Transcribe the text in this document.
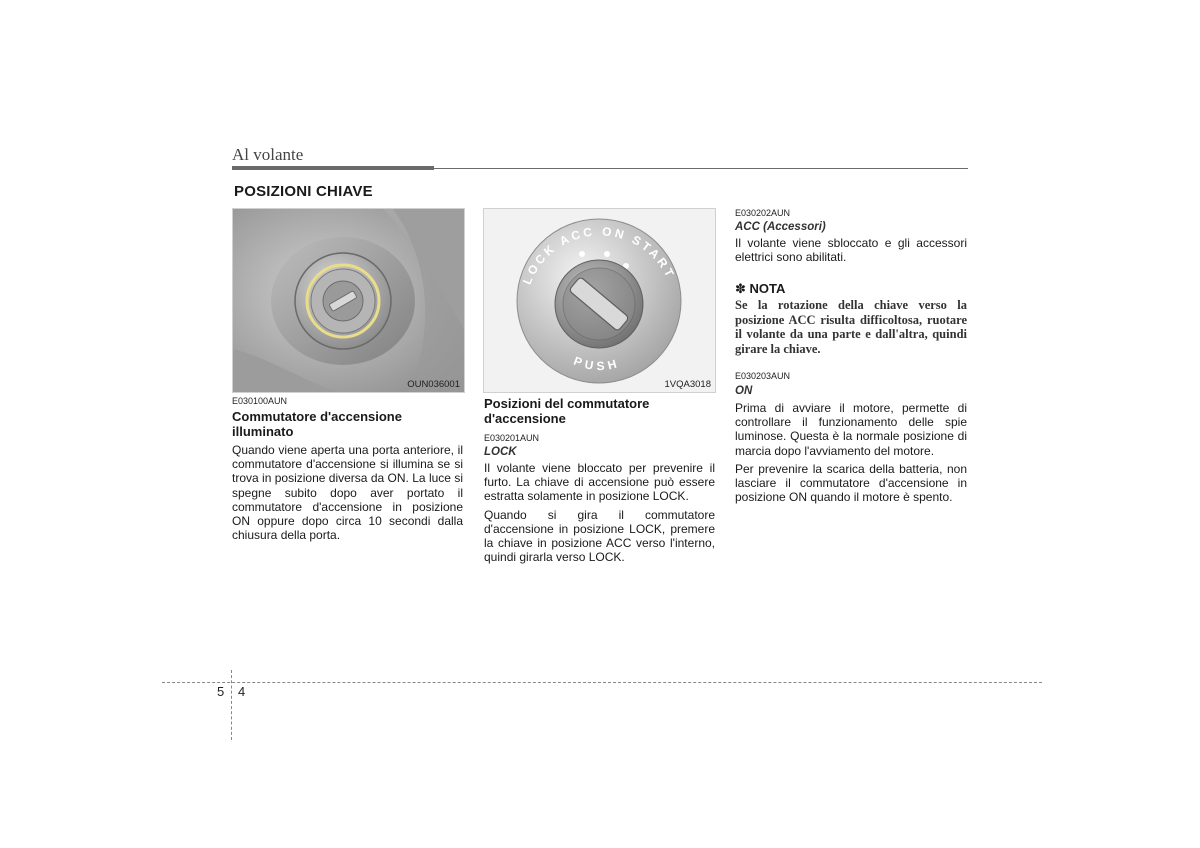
Al volante
POSIZIONI CHIAVE
OUN036001
LOCK ACC ON START
PUSH
1VQA3018
E030100AUN
Commutatore d'accensione illuminato

Quando viene aperta una porta anteriore, il commutatore d'accensione si illumina se si trova in posizione diversa da ON. La luce si spegne subito dopo aver portato il commutatore d'accensione in posizione ON oppure dopo circa 10 secondi dalla chiusura della porta.

Posizioni del commutatore d'accensione
E030201AUN
LOCK

Il volante viene bloccato per prevenire il furto. La chiave di accensione può essere estratta solamente in posizione LOCK.

Quando si gira il commutatore d'accensione in posizione LOCK, premere la chiave in posizione ACC verso l'interno, quindi girarla verso LOCK.

E030202AUN
ACC (Accessori)

Il volante viene sbloccato e gli accessori elettrici sono abilitati.

✽ NOTA
Se la rotazione della chiave verso la posizione ACC risulta difficoltosa, ruotare il volante da una parte e dall'altra, quindi girare la chiave.
E030203AUN
ON

Prima di avviare il motore, permette di controllare il funzionamento delle spie luminose. Questa è la normale posizione di marcia dopo l'avviamento del motore.

Per prevenire la scarica della batteria, non lasciare il commutatore d'accensione in posizione ON quando il motore è spento.

5 4
